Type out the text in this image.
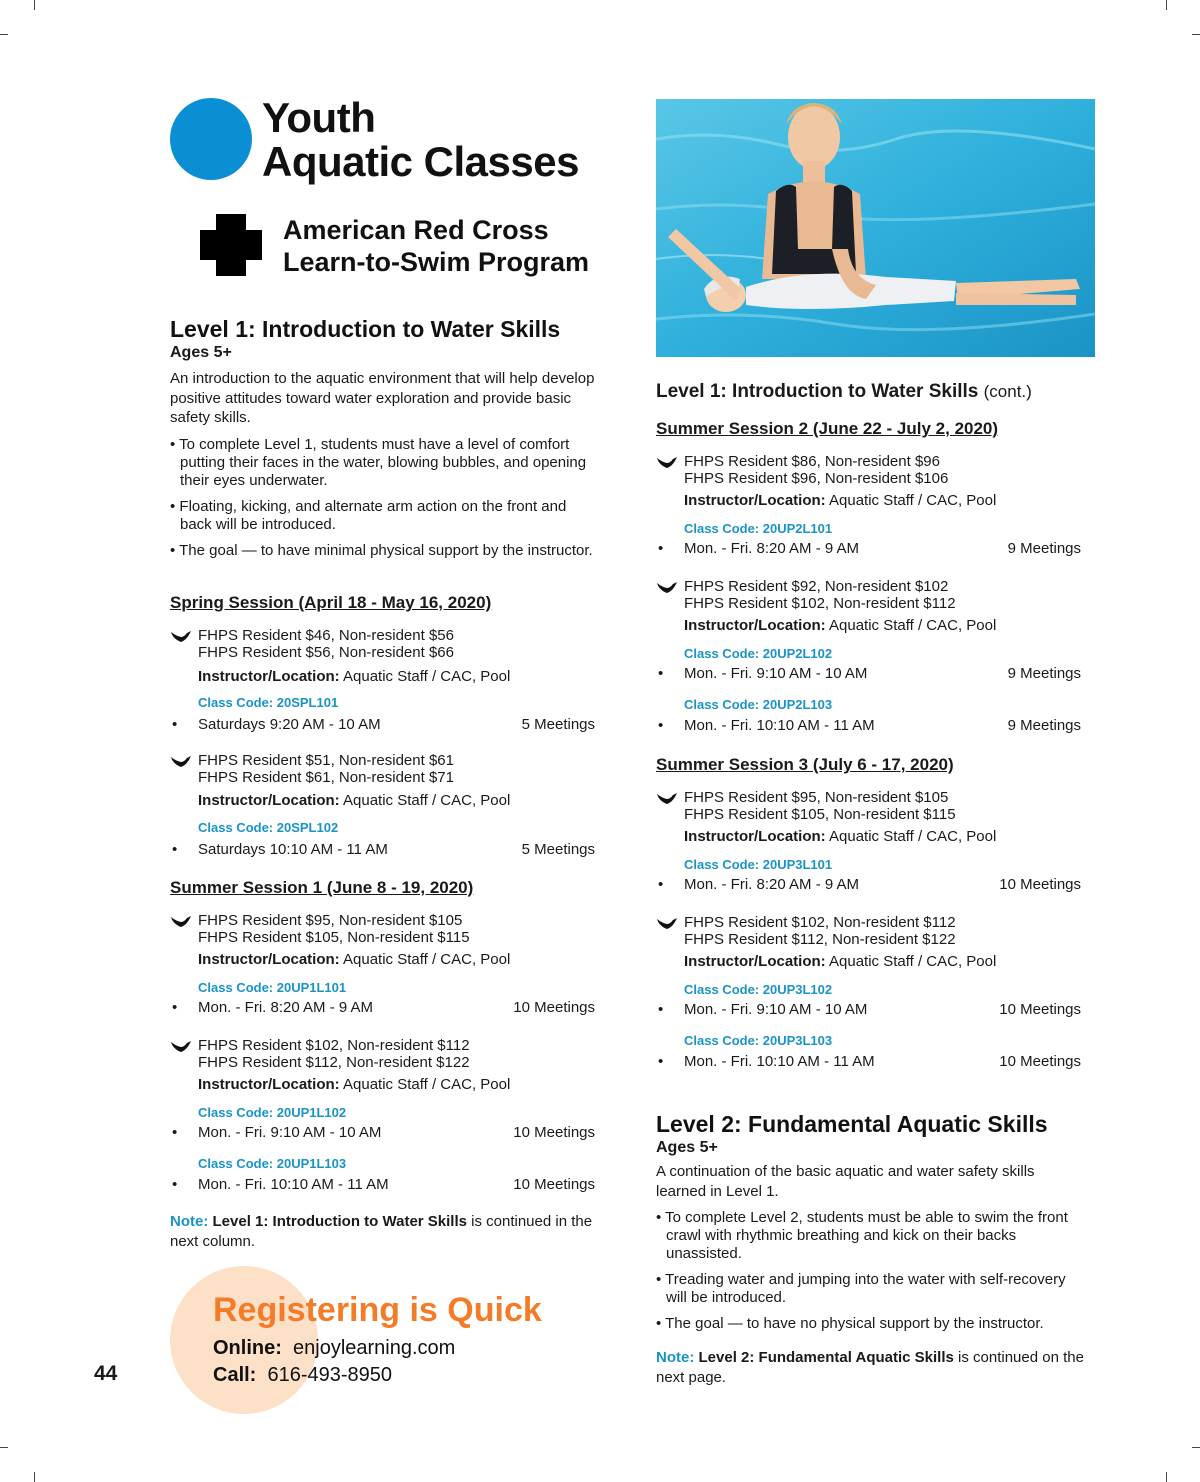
Youth
Aquatic Classes
American Red Cross
Learn-to-Swim Program
Level 1: Introduction to Water Skills
Ages 5+
An introduction to the aquatic environment that will help develop positive attitudes toward water exploration and provide basic safety skills.
• To complete Level 1, students must have a level of comfort putting their faces in the water, blowing bubbles, and opening their eyes underwater.
• Floating, kicking, and alternate arm action on the front and back will be introduced.
• The goal — to have minimal physical support by the instructor.
Spring Session (April 18 - May 16, 2020)
FHPS Resident $46, Non-resident $56
FHPS Resident $56, Non-resident $66
Instructor/Location: Aquatic Staff / CAC, Pool
Class Code: 20SPL101
• Saturdays 9:20 AM - 10 AM	5 Meetings
FHPS Resident $51, Non-resident $61
FHPS Resident $61, Non-resident $71
Instructor/Location: Aquatic Staff / CAC, Pool
Class Code: 20SPL102
• Saturdays 10:10 AM - 11 AM	5 Meetings
Summer Session 1 (June 8 - 19, 2020)
FHPS Resident $95, Non-resident $105
FHPS Resident $105, Non-resident $115
Instructor/Location: Aquatic Staff / CAC, Pool
Class Code: 20UP1L101
• Mon. - Fri. 8:20 AM - 9 AM	10 Meetings
FHPS Resident $102, Non-resident $112
FHPS Resident $112, Non-resident $122
Instructor/Location: Aquatic Staff / CAC, Pool
Class Code: 20UP1L102
• Mon. - Fri. 9:10 AM - 10 AM	10 Meetings
Class Code: 20UP1L103
• Mon. - Fri. 10:10 AM - 11 AM	10 Meetings
Note: Level 1: Introduction to Water Skills is continued in the next column.
Registering is Quick
Online: enjoylearning.com
Call: 616-493-8950
44
Level 1: Introduction to Water Skills (cont.)
Summer Session 2 (June 22 - July 2, 2020)
FHPS Resident $86, Non-resident $96
FHPS Resident $96, Non-resident $106
Instructor/Location: Aquatic Staff / CAC, Pool
Class Code: 20UP2L101
• Mon. - Fri. 8:20 AM - 9 AM	9 Meetings
FHPS Resident $92, Non-resident $102
FHPS Resident $102, Non-resident $112
Instructor/Location: Aquatic Staff / CAC, Pool
Class Code: 20UP2L102
• Mon. - Fri. 9:10 AM - 10 AM	9 Meetings
Class Code: 20UP2L103
• Mon. - Fri. 10:10 AM - 11 AM	9 Meetings
Summer Session 3 (July 6 - 17, 2020)
FHPS Resident $95, Non-resident $105
FHPS Resident $105, Non-resident $115
Instructor/Location: Aquatic Staff / CAC, Pool
Class Code: 20UP3L101
• Mon. - Fri. 8:20 AM - 9 AM	10 Meetings
FHPS Resident $102, Non-resident $112
FHPS Resident $112, Non-resident $122
Instructor/Location: Aquatic Staff / CAC, Pool
Class Code: 20UP3L102
• Mon. - Fri. 9:10 AM - 10 AM	10 Meetings
Class Code: 20UP3L103
• Mon. - Fri. 10:10 AM - 11 AM	10 Meetings
Level 2: Fundamental Aquatic Skills
Ages 5+
A continuation of the basic aquatic and water safety skills learned in Level 1.
• To complete Level 2, students must be able to swim the front crawl with rhythmic breathing and kick on their backs unassisted.
• Treading water and jumping into the water with self-recovery will be introduced.
• The goal — to have no physical support by the instructor.
Note: Level 2: Fundamental Aquatic Skills is continued on the next page.
